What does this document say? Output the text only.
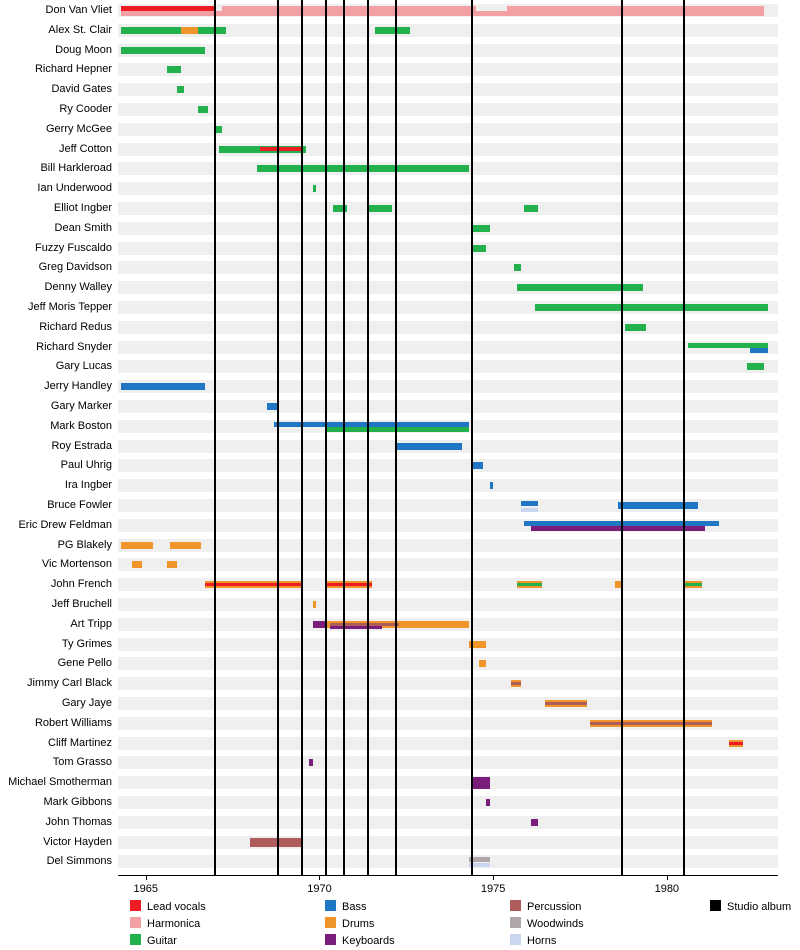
Don Van Vliet
Alex St. Clair
Doug Moon
Richard Hepner
David Gates
Ry Cooder
Gerry McGee
Jeff Cotton
Bill Harkleroad
Ian Underwood
Elliot Ingber
Dean Smith
Fuzzy Fuscaldo
Greg Davidson
Denny Walley
Jeff Moris Tepper
Richard Redus
Richard Snyder
Gary Lucas
Jerry Handley
Gary Marker
Mark Boston
Roy Estrada
Paul Uhrig
Ira Ingber
Bruce Fowler
Eric Drew Feldman
PG Blakely
Vic Mortenson
John French
Jeff Bruchell
Art Tripp
Ty Grimes
Gene Pello
Jimmy Carl Black
Gary Jaye
Robert Williams
Cliff Martinez
Tom Grasso
Michael Smotherman
Mark Gibbons
John Thomas
Victor Hayden
Del Simmons
1965	1970	1975	1980
Lead vocals
Harmonica
Guitar
Bass
Drums
Keyboards
Percussion
Woodwinds
Horns
Studio album
